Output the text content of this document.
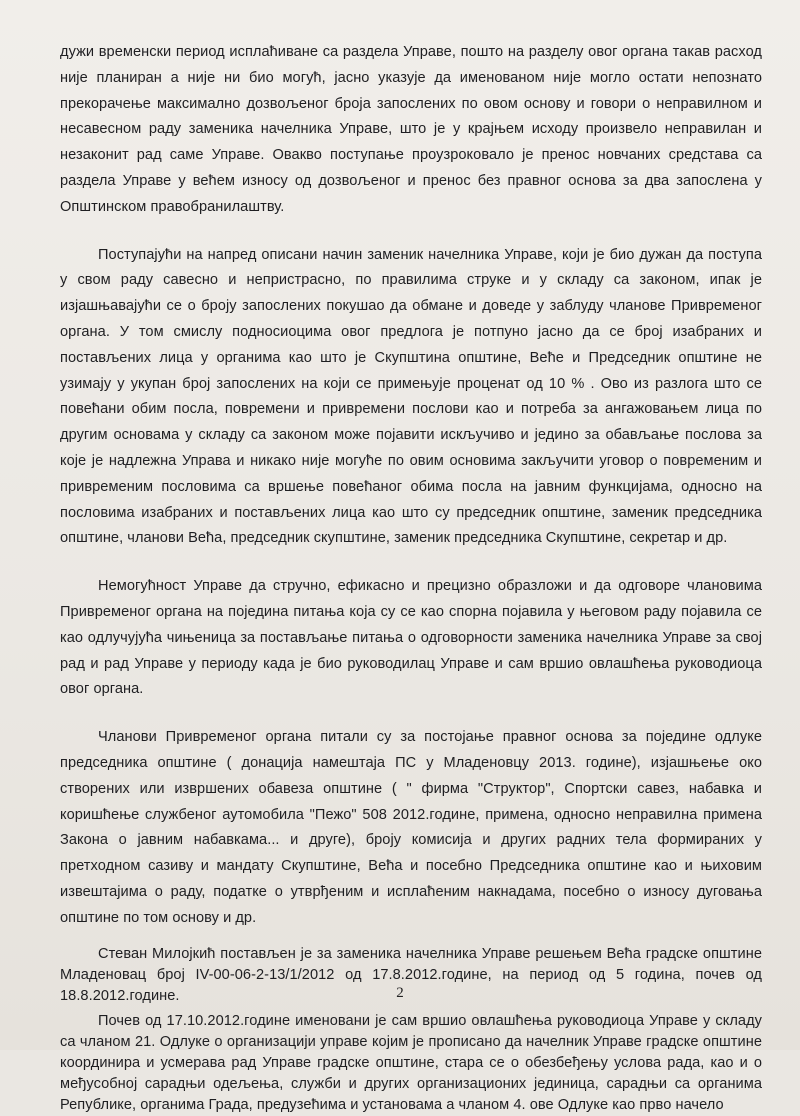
дужи временски период исплаћиване са раздела Управе, пошто на разделу овог органа такав расход није планиран а није ни био могућ, јасно указује да именованом није могло остати непознато прекорачење максимално дозвољеног броја запослених по овом основу и говори о неправилном и несавесном раду заменика начелника Управе, што је у крајњем исходу произвело неправилан и незаконит рад саме Управе. Овакво поступање проузроковало је пренос новчаних средстава са раздела Управе у већем износу од дозвољеног и пренос без правног основа за два запослена у Општинском правобранилаштву.

Поступајући на напред описани начин заменик начелника Управе, који је био дужан да поступа у свом раду савесно и непристрасно, по правилима струке и у складу са законом, ипак је изјашњавајући се о броју запослених покушао да обмане и доведе у заблуду чланове Привременог органа. У том смислу подносиоцима овог предлога је потпуно јасно да се број изабраних и постављених лица у органима као што је Скупштина општине, Веће и Председник општине не узимају у укупан број запослених на који се примењује проценат од 10 % . Ово из разлога што се повећани обим посла, повремени и привремени послови као и потреба за ангажовањем лица по другим основама у складу са законом може појавити искључиво и једино за обављање послова за које је надлежна Управа и никако није могуће по овим основима закључити уговор о повременим и привременим пословима са вршење повећаног обима посла на јавним функцијама, односно на пословима изабраних и постављених лица као што су председник општине, заменик председника општине, чланови Већа, председник скупштине, заменик председника Скупштине, секретар и др.

Немогућност Управе да стручно, ефикасно и прецизно образложи и да одговоре члановима Привременог органа на поједина питања која су се као спорна појавила у његовом раду појавила се као одлучујућа чињеница за постављање питања о одговорности заменика начелника Управе за свој рад и рад Управе у периоду када је био руководилац Управе и сам вршио овлашћења руководиоца овог органа.

Чланови Привременог органа питали су за постојање правног основа за поједине одлуке председника општине ( донација намештаја ПС у Младеновцу 2013. године), изјашњење око створених или извршених обавеза општине ( " фирма "Структор", Спортски савез, набавка и коришћење службеног аутомобила "Пежо" 508 2012.године, примена, односно неправилна примена Закона о јавним набавкама... и друге), броју комисија и других радних тела формираних у претходном сазиву и мандату Скупштине, Већа и посебно Председника општине као и њиховим извештајима о раду, податке о утврђеним и исплаћеним накнадама, посебно о износу дуговања општине по том основу и др.

Стеван Милојкић постављен је за заменика начелника Управе решењем Већа градске општине Младеновац број IV-00-06-2-13/1/2012 од 17.8.2012.године, на период од 5 година, почев од 18.8.2012.године.

Почев од 17.10.2012.године именовани је сам вршио овлашћења руководиоца Управе у складу са чланом 21. Одлуке о организацији управе којим је прописано да начелник Управе градске општине координира и усмерава рад Управе градске општине, стара се о обезбеђењу услова рада, као и о међусобној сарадњи одељења, служби и других организационих јединица, сарадњи са органима Републике, органима Града, предузећима и установама а чланом 4. ове Одлуке као прво начело

2
